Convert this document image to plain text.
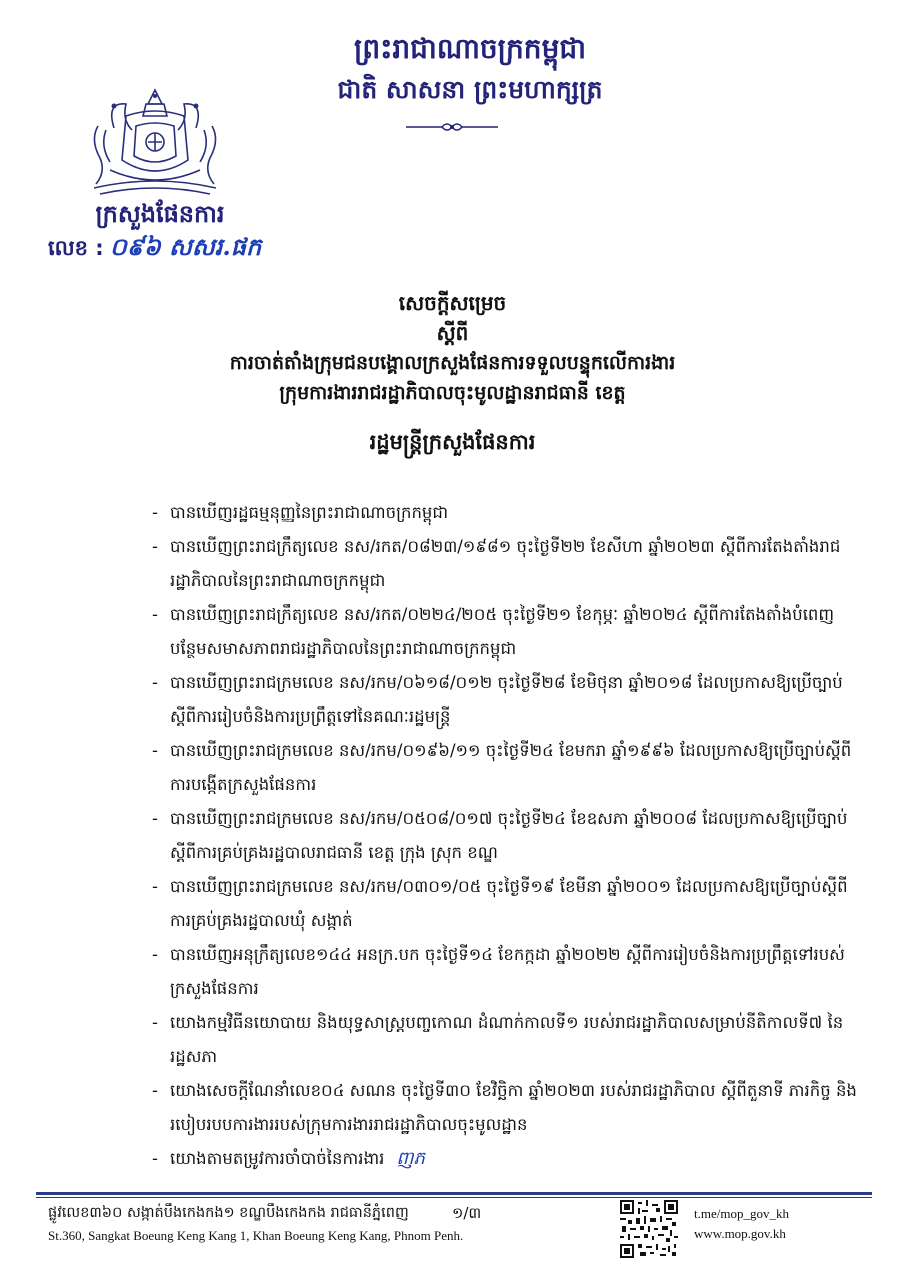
ព្រះរាជាណាចក្រកម្ពុជា
ជាតិ សាសនា ព្រះមហាក្សត្រ
ក្រសួងផែនការ
លេខ : ០៩៦ សសរ.ផក
សេចក្តីសម្រេច
ស្តីពី
ការចាត់តាំងក្រុមជនបង្គោលក្រសួងផែនការទទួលបន្ទុកលើការងារ
ក្រុមការងាររាជរដ្ឋាភិបាលចុះមូលដ្ឋានរាជធានី ខេត្ត
រដ្ឋមន្ត្រីក្រសួងផែនការ
- បានឃើញរដ្ឋធម្មនុញ្ញនៃព្រះរាជាណាចក្រកម្ពុជា
- បានឃើញព្រះរាជក្រឹត្យលេខ នស/រកត/០៨២៣/១៩៨១ ចុះថ្ងៃទី២២ ខែសីហា ឆ្នាំ២០២៣ ស្តីពីការតែងតាំងរាជរដ្ឋាភិបាលនៃព្រះរាជាណាចក្រកម្ពុជា
- បានឃើញព្រះរាជក្រឹត្យលេខ នស/រកត/០២២៤/២០៥ ចុះថ្ងៃទី២១ ខែកុម្ភៈ ឆ្នាំ២០២៤ ស្តីពីការតែងតាំងបំពេញបន្ថែមសមាសភាពរាជរដ្ឋាភិបាលនៃព្រះរាជាណាចក្រកម្ពុជា
- បានឃើញព្រះរាជក្រមលេខ នស/រកម/០៦១៨/០១២ ចុះថ្ងៃទី២៨ ខែមិថុនា ឆ្នាំ២០១៨ ដែលប្រកាសឱ្យប្រើច្បាប់ស្តីពីការរៀបចំនិងការប្រព្រឹត្តទៅនៃគណៈរដ្ឋមន្ត្រី
- បានឃើញព្រះរាជក្រមលេខ នស/រកម/០១៩៦/១១ ចុះថ្ងៃទី២៤ ខែមករា ឆ្នាំ១៩៩៦ ដែលប្រកាសឱ្យប្រើច្បាប់ស្តីពីការបង្កើតក្រសួងផែនការ
- បានឃើញព្រះរាជក្រមលេខ នស/រកម/០៥០៨/០១៧ ចុះថ្ងៃទី២៤ ខែឧសភា ឆ្នាំ២០០៨ ដែលប្រកាសឱ្យប្រើច្បាប់ស្តីពីការគ្រប់គ្រងរដ្ឋបាលរាជធានី ខេត្ត ក្រុង ស្រុក ខណ្ឌ
- បានឃើញព្រះរាជក្រមលេខ នស/រកម/០៣០១/០៥ ចុះថ្ងៃទី១៩ ខែមីនា ឆ្នាំ២០០១ ដែលប្រកាសឱ្យប្រើច្បាប់ស្តីពីការគ្រប់គ្រងរដ្ឋបាលឃុំ សង្កាត់
- បានឃើញអនុក្រឹត្យលេខ១៤៤ អនក្រ.បក ចុះថ្ងៃទី១៤ ខែកក្កដា ឆ្នាំ២០២២ ស្តីពីការរៀបចំនិងការប្រព្រឹត្តទៅរបស់ក្រសួងផែនការ
- យោងកម្មវិធីនយោបាយ និងយុទ្ធសាស្ត្របញ្ចកោណ ដំណាក់កាលទី១ របស់រាជរដ្ឋាភិបាលសម្រាប់នីតិកាលទី៧ នៃរដ្ឋសភា
- យោងសេចក្តីណែនាំលេខ០៤ សណន ចុះថ្ងៃទី៣០ ខែវិច្ឆិកា ឆ្នាំ២០២៣ របស់រាជរដ្ឋាភិបាល ស្តីពីតួនាទី ភារកិច្ច និងរបៀបរបបការងាររបស់ក្រុមការងាររាជរដ្ឋាភិបាលចុះមូលដ្ឋាន
- យោងតាមតម្រូវការចាំបាច់នៃការងារ ញភ
ផ្លូវលេខ៣៦០ សង្កាត់បឹងកេងកង១ ខណ្ឌបឹងកេងកង រាជធានីភ្នំពេញ	១/៣
St.360, Sangkat Boeung Keng Kang 1, Khan Boeung Keng Kang, Phnom Penh.
t.me/mop_gov_kh
www.mop.gov.kh
